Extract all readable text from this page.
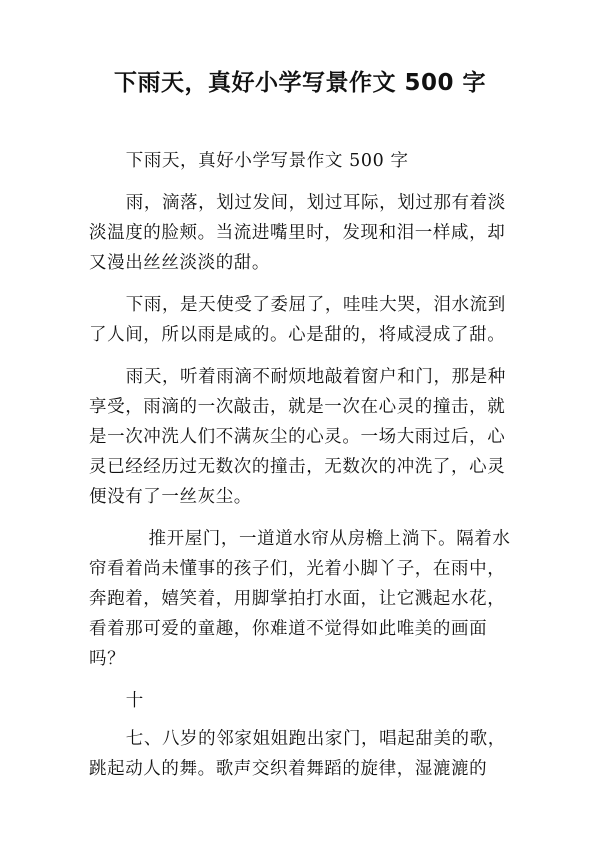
下雨天，真好小学写景作文 500 字

下雨天，真好小学写景作文 500 字

雨，滴落，划过发间，划过耳际，划过那有着淡淡温度的脸颊。当流进嘴里时，发现和泪一样咸，却又漫出丝丝淡淡的甜。

下雨，是天使受了委屈了，哇哇大哭，泪水流到了人间，所以雨是咸的。心是甜的，将咸浸成了甜。

雨天，听着雨滴不耐烦地敲着窗户和门，那是种享受，雨滴的一次敲击，就是一次在心灵的撞击，就是一次冲洗人们不满灰尘的心灵。一场大雨过后，心灵已经经历过无数次的撞击，无数次的冲洗了，心灵便没有了一丝灰尘。

推开屋门，一道道水帘从房檐上淌下。隔着水帘看着尚未懂事的孩子们，光着小脚丫子，在雨中，奔跑着，嬉笑着，用脚掌拍打水面，让它溅起水花，看着那可爱的童趣，你难道不觉得如此唯美的画面吗？

十

七、八岁的邻家姐姐跑出家门，唱起甜美的歌，跳起动人的舞。歌声交织着舞蹈的旋律，湿漉漉的
